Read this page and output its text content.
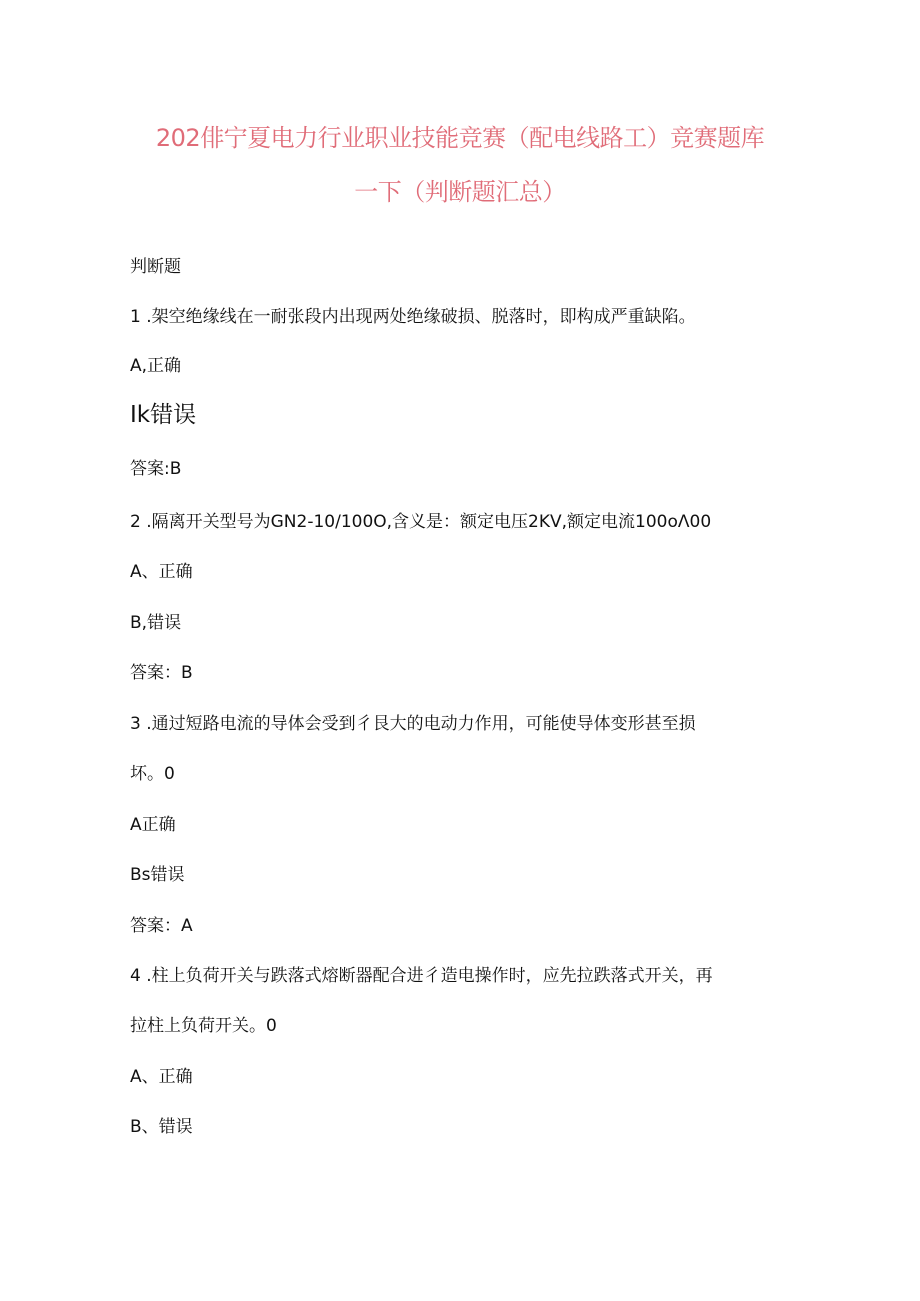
202俳宁夏电力行业职业技能竞赛（配电线路工）竞赛题库
一下（判断题汇总）
判断题
1 .架空绝缘线在一耐张段内出现两处绝缘破损、脱落时，即构成严重缺陷。
A,正确
Ik错误
答案:B
2 .隔离开关型号为GN2-10/100O,含义是：额定电压2KV,额定电流100oΛ00
A、正确
B,错误
答案：B
3 .通过短路电流的导体会受到彳艮大的电动力作用，可能使导体变形甚至损
坏。0
A正确
Bs错误
答案：A
4 .柱上负荷开关与跌落式熔断器配合进彳造电操作时，应先拉跌落式开关，再
拉柱上负荷开关。0
A、正确
B、错误
